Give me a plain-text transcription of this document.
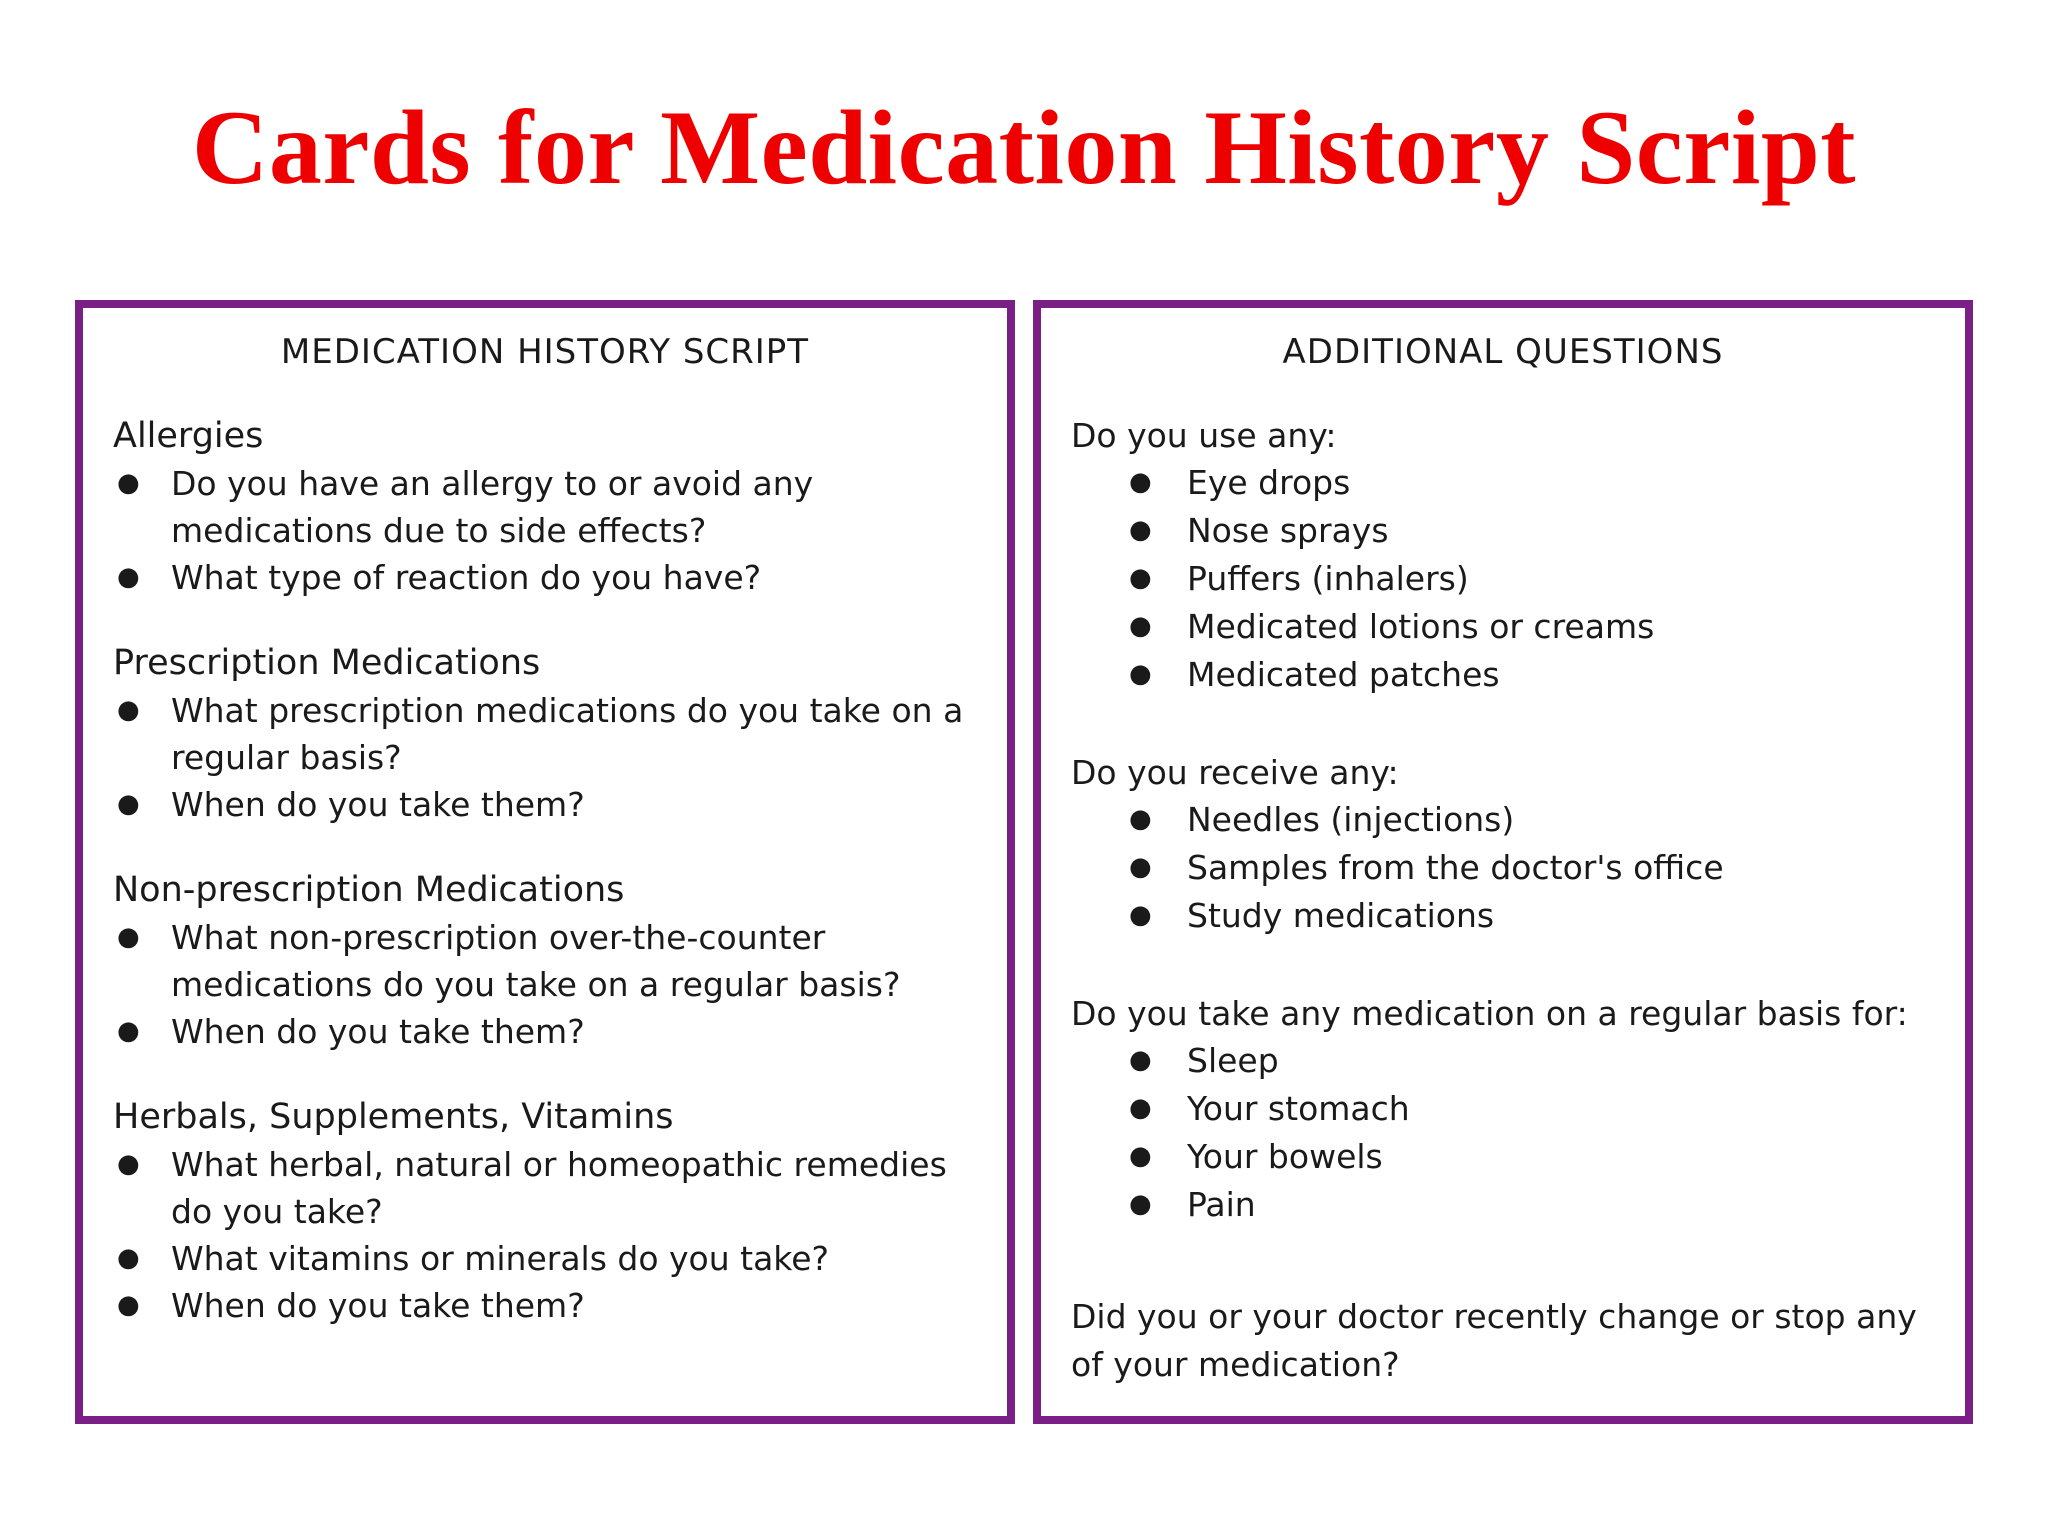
Cards for Medication History Script
MEDICATION HISTORY SCRIPT
Allergies
● Do you have an allergy to or avoid any medications due to side effects?
● What type of reaction do you have?
Prescription Medications
● What prescription medications do you take on a regular basis?
● When do you take them?
Non-prescription Medications
● What non-prescription over-the-counter medications do you take on a regular basis?
● When do you take them?
Herbals, Supplements, Vitamins
● What herbal, natural or homeopathic remedies do you take?
● What vitamins or minerals do you take?
● When do you take them?
ADDITIONAL QUESTIONS
Do you use any:
● Eye drops
● Nose sprays
● Puffers (inhalers)
● Medicated lotions or creams
● Medicated patches
Do you receive any:
● Needles (injections)
● Samples from the doctor's office
● Study medications
Do you take any medication on a regular basis for:
● Sleep
● Your stomach
● Your bowels
● Pain
Did you or your doctor recently change or stop any of your medication?
